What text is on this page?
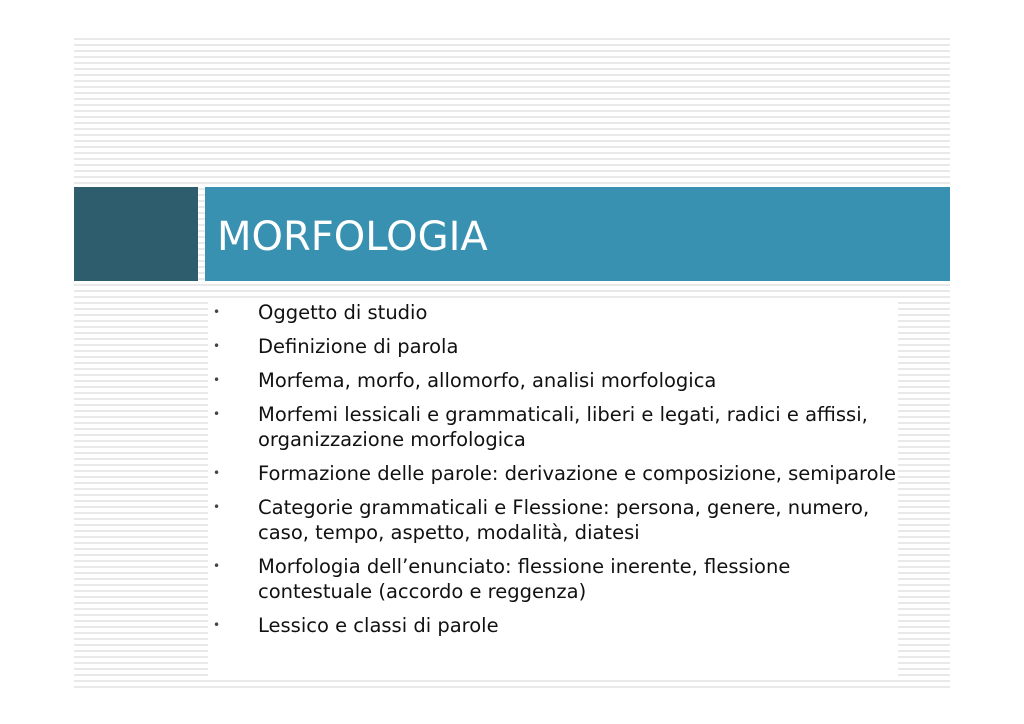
MORFOLOGIA
• Oggetto di studio
• Definizione di parola
• Morfema, morfo, allomorfo, analisi morfologica
• Morfemi lessicali e grammaticali, liberi e legati, radici e affissi, organizzazione morfologica
• Formazione delle parole: derivazione e composizione, semiparole
• Categorie grammaticali e Flessione: persona, genere, numero, caso, tempo, aspetto, modalità, diatesi
• Morfologia dell’enunciato: flessione inerente, flessione contestuale (accordo e reggenza)
• Lessico e classi di parole
